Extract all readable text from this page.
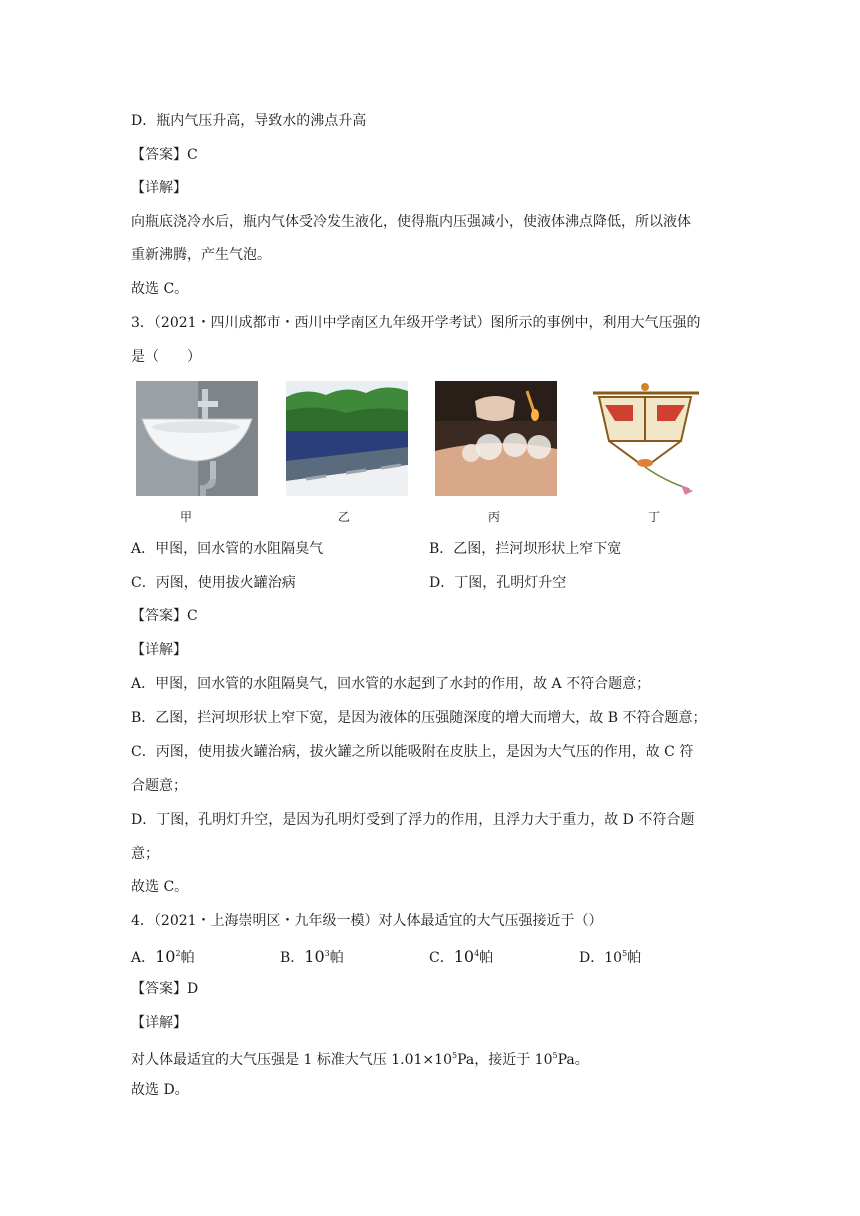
D．瓶内气压升高，导致水的沸点升高
【答案】C
【详解】
向瓶底浇冷水后，瓶内气体受冷发生液化，使得瓶内压强减小，使液体沸点降低，所以液体
重新沸腾，产生气泡。
故选 C。
3．（2021・四川成都市・西川中学南区九年级开学考试）图所示的事例中，利用大气压强的
是（　　）
甲	乙	丙	丁
A．甲图，回水管的水阻隔臭气	B．乙图，拦河坝形状上窄下宽
C．丙图，使用拔火罐治病	D．丁图，孔明灯升空
【答案】C
【详解】
A．甲图，回水管的水阻隔臭气，回水管的水起到了水封的作用，故 A 不符合题意；
B．乙图，拦河坝形状上窄下宽，是因为液体的压强随深度的增大而增大，故 B 不符合题意；
C．丙图，使用拔火罐治病，拔火罐之所以能吸附在皮肤上，是因为大气压的作用，故 C 符
合题意；
D．丁图，孔明灯升空，是因为孔明灯受到了浮力的作用，且浮力大于重力，故 D 不符合题
意；
故选 C。
4．（2021・上海崇明区・九年级一模）对人体最适宜的大气压强接近于（）
A．$10^2$帕	B．$10^3$帕	C．$10^4$帕	D．$10^5$帕
【答案】D
【详解】
对人体最适宜的大气压强是 1 标准大气压 $1.01\times 10^5Pa$，接近于 $10^5Pa$。
故选 D。
